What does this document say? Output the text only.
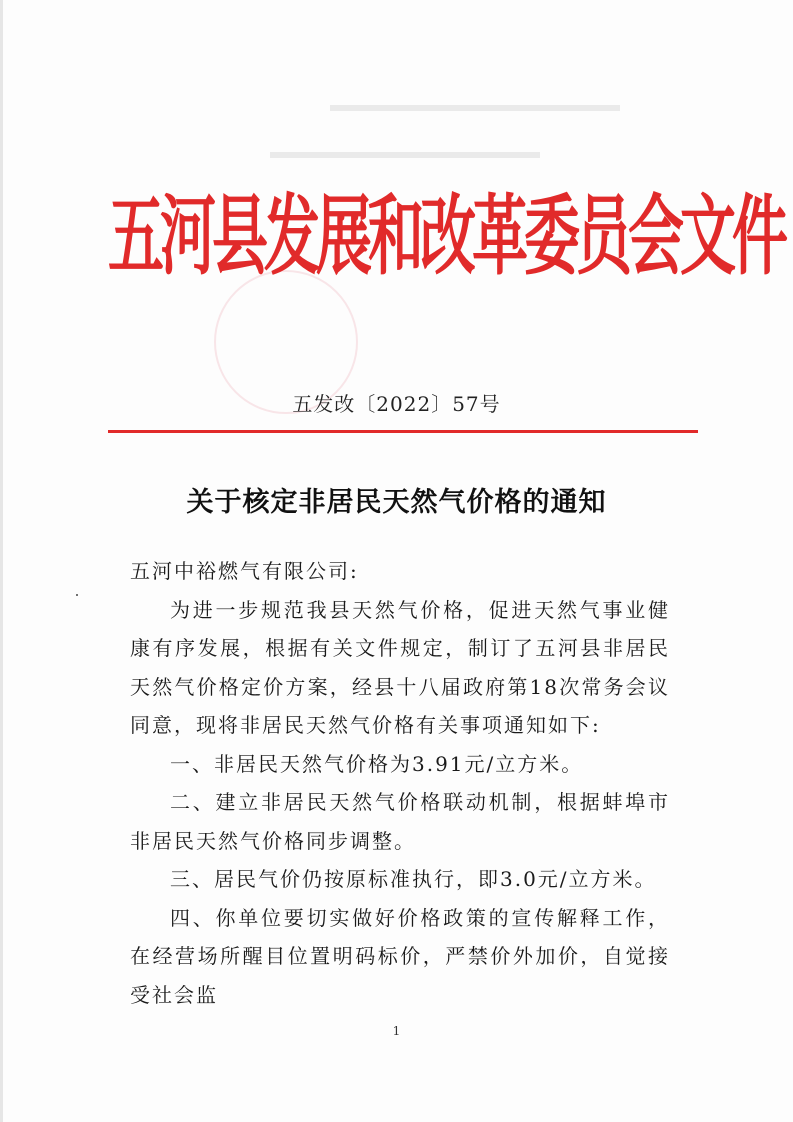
五河县发展和改革委员会文件
五发改〔2022〕57号
关于核定非居民天然气价格的通知

五河中裕燃气有限公司:

为进一步规范我县天然气价格，促进天然气事业健康有序发展，根据有关文件规定，制订了五河县非居民天然气价格定价方案，经县十八届政府第18次常务会议同意，现将非居民天然气价格有关事项通知如下:

一、非居民天然气价格为3.91元/立方米。

二、建立非居民天然气价格联动机制，根据蚌埠市非居民天然气价格同步调整。

三、居民气价仍按原标准执行，即3.0元/立方米。

四、你单位要切实做好价格政策的宣传解释工作，在经营场所醒目位置明码标价，严禁价外加价，自觉接受社会监

1
